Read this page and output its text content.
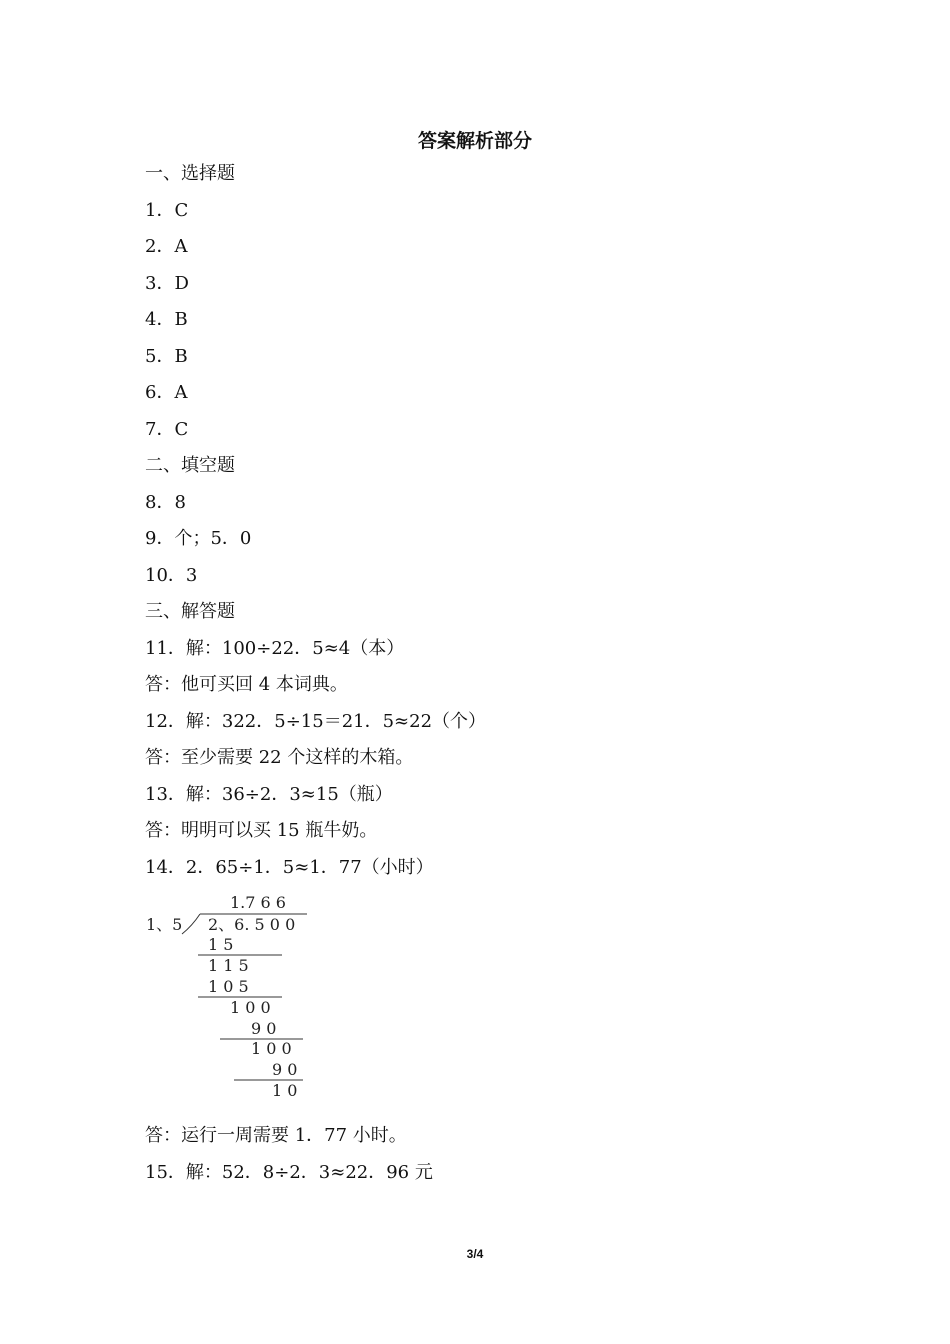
答案解析部分
一、选择题
1．C
2．A
3．D
4．B
5．B
6．A
7．C
二、填空题
8．8
9．个；5．0
10．3
三、解答题
11．解：100÷22．5≈4（本）
答：他可买回 4 本词典。
12．解：322．5÷15＝21．5≈22（个）
答：至少需要 22 个这样的木箱。
13．解：36÷2．3≈15（瓶）
答：明明可以买 15 瓶牛奶。
14．2．65÷1．5≈1．77（小时）
1.7 6 6
1、5 2、6. 5 0 0
1 5
1 1 5
1 0 5
1 0 0
9 0
1 0 0
9 0
1 0
答：运行一周需要 1．77 小时。
15．解：52．8÷2．3≈22．96 元
3/4
